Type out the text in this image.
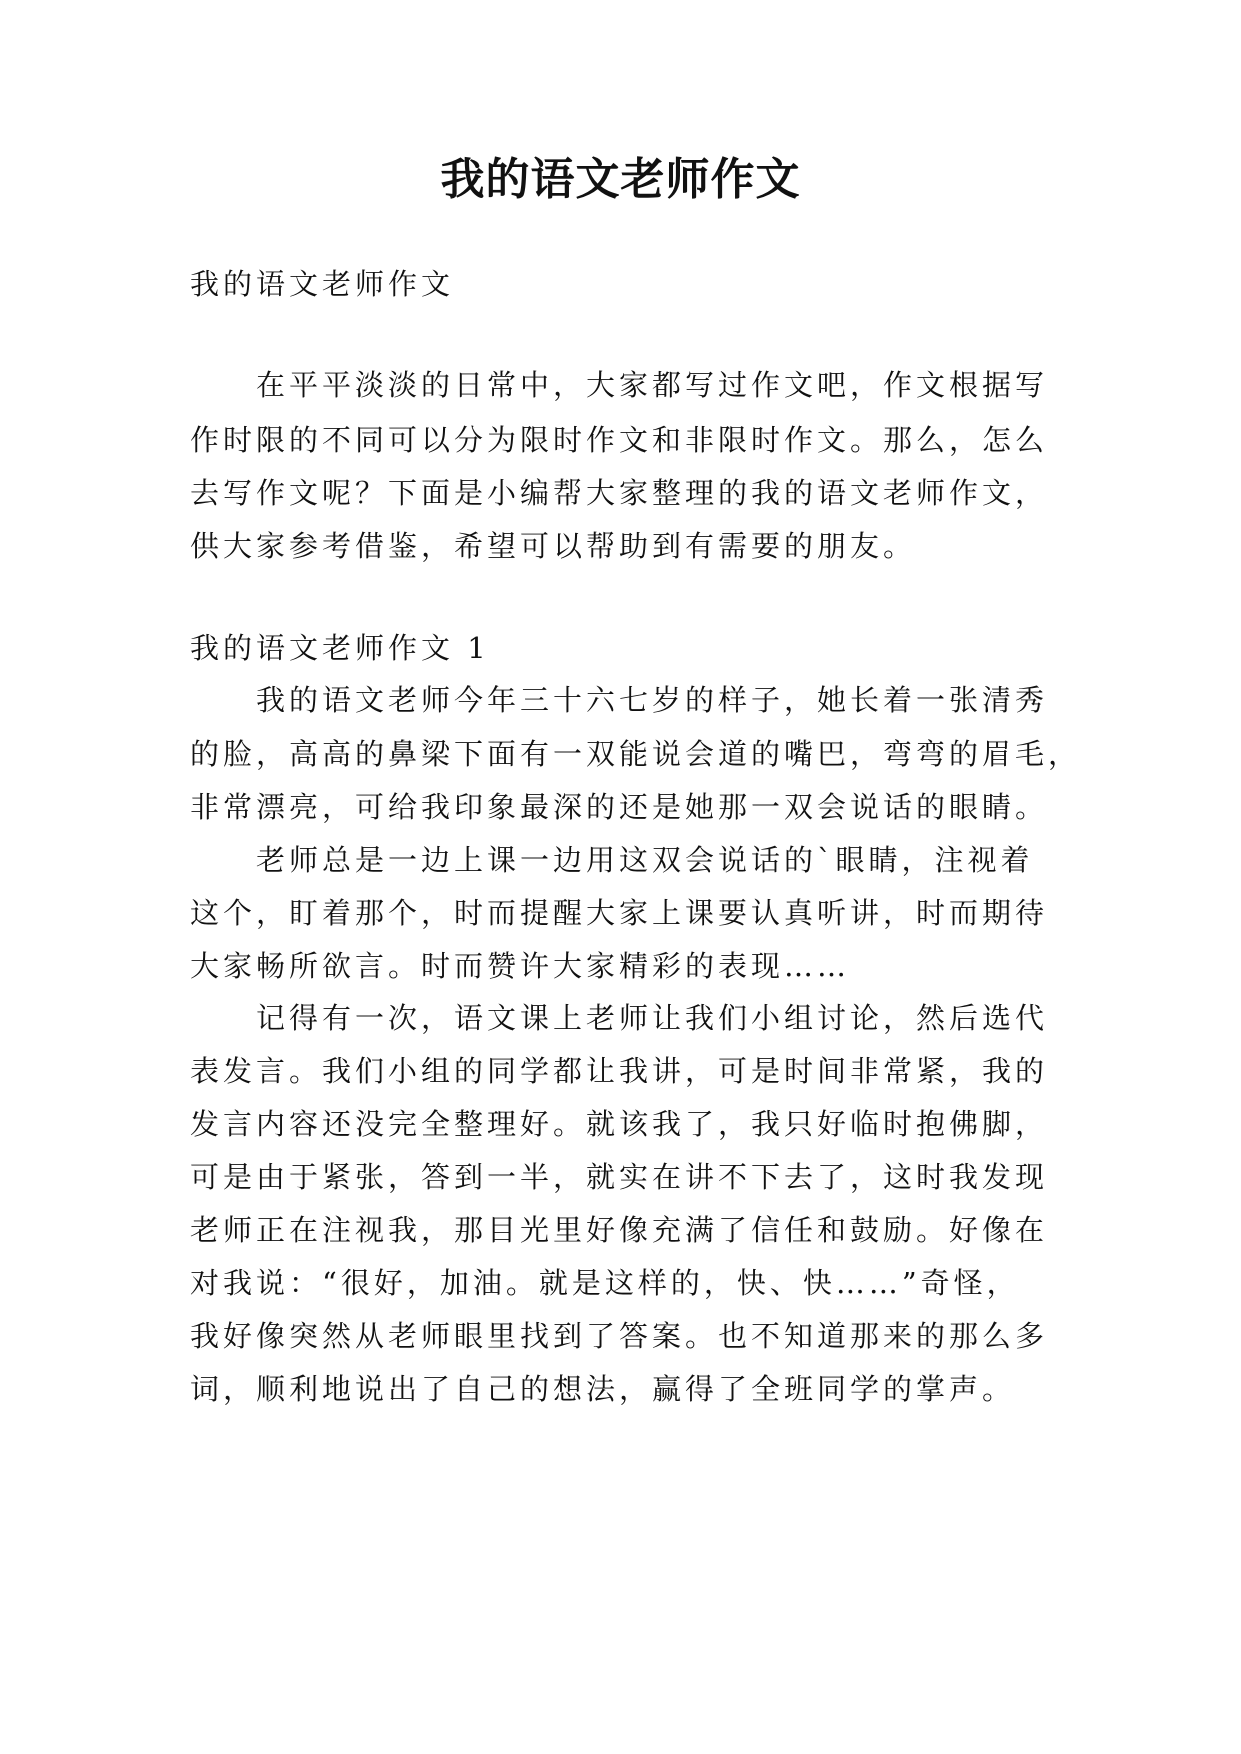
我的语文老师作文

我的语文老师作文

在平平淡淡的日常中，大家都写过作文吧，作文根据写

作时限的不同可以分为限时作文和非限时作文。那么，怎么

去写作文呢？下面是小编帮大家整理的我的语文老师作文，

供大家参考借鉴，希望可以帮助到有需要的朋友。

我的语文老师作文 1

我的语文老师今年三十六七岁的样子，她长着一张清秀

的脸，高高的鼻梁下面有一双能说会道的嘴巴，弯弯的眉毛，

非常漂亮，可给我印象最深的还是她那一双会说话的眼睛。

老师总是一边上课一边用这双会说话的`眼睛，注视着

这个，盯着那个，时而提醒大家上课要认真听讲，时而期待

大家畅所欲言。时而赞许大家精彩的表现……

记得有一次，语文课上老师让我们小组讨论，然后选代

表发言。我们小组的同学都让我讲，可是时间非常紧，我的

发言内容还没完全整理好。就该我了，我只好临时抱佛脚，

可是由于紧张，答到一半，就实在讲不下去了，这时我发现

老师正在注视我，那目光里好像充满了信任和鼓励。好像在

对我说：“很好，加油。就是这样的，快、快……”奇怪，

我好像突然从老师眼里找到了答案。也不知道那来的那么多

词，顺利地说出了自己的想法，赢得了全班同学的掌声。
